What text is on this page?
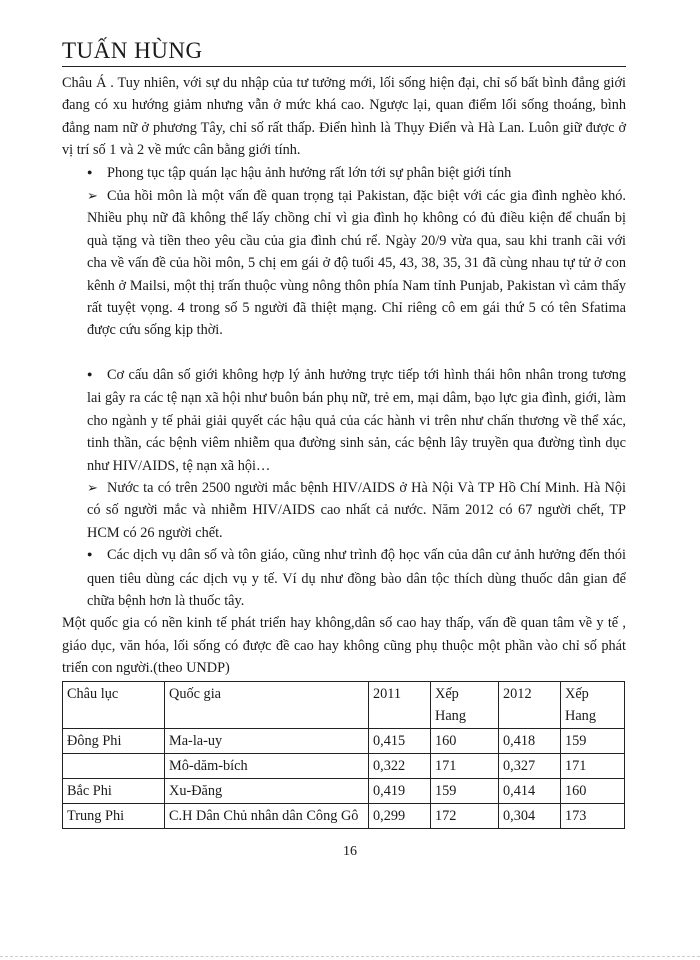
TUẤN HÙNG

Châu Á . Tuy nhiên, với sự du nhập của tư tưởng mới, lối sống hiện đại, chỉ số bất bình đẳng giới đang có xu hướng giảm nhưng vẫn ở mức khá cao. Ngược lại, quan điểm lối sống thoáng, bình đẳng nam nữ ở phương Tây, chỉ số rất thấp. Điển hình là Thụy Điển và Hà Lan. Luôn giữ được ở vị trí số 1 và 2 về mức cân bằng giới tính.

●Phong tục tập quán lạc hậu ảnh hưởng rất lớn tới sự phân biệt giới tính

➢Của hồi môn là một vấn đề quan trọng tại Pakistan, đặc biệt với các gia đình nghèo khó. Nhiều phụ nữ đã không thể lấy chồng chỉ vì gia đình họ không có đủ điều kiện để chuẩn bị quà tặng và tiền theo yêu cầu của gia đình chú rể. Ngày 20/9 vừa qua, sau khi tranh cãi với cha về vấn đề của hồi môn, 5 chị em gái ở độ tuổi 45, 43, 38, 35, 31 đã cùng nhau tự tử ở con kênh ở Mailsi, một thị trấn thuộc vùng nông thôn phía Nam tỉnh Punjab, Pakistan vì cảm thấy rất tuyệt vọng. 4 trong số 5 người đã thiệt mạng. Chỉ riêng cô em gái thứ 5 có tên Sfatima được cứu sống kịp thời.

●Cơ cấu dân số giới không hợp lý ảnh hưởng trực tiếp tới hình thái hôn nhân trong tương lai gây ra các tệ nạn xã hội như buôn bán phụ nữ, trẻ em, mại dâm, bạo lực gia đình, giới, làm cho ngành y tế phải giải quyết các hậu quả của các hành vi trên như chấn thương về thể xác, tinh thần, các bệnh viêm nhiễm qua đường sinh sản, các bệnh lây truyền qua đường tình dục như HIV/AIDS, tệ nạn xã hội…

➢Nước ta có trên 2500 người mắc bệnh HIV/AIDS ở Hà Nội Và TP Hồ Chí Minh. Hà Nội có số người mắc và nhiễm HIV/AIDS cao nhất cả nước. Năm 2012 có 67 người chết, TP HCM có 26 người chết.

●Các dịch vụ dân số và tôn giáo, cũng như trình độ học vấn của dân cư ảnh hưởng đến thói quen tiêu dùng các dịch vụ y tế. Ví dụ như đồng bào dân tộc thích dùng thuốc dân gian để chữa bệnh hơn là thuốc tây.

Một quốc gia có nền kinh tế phát triển hay không,dân số cao hay thấp, vấn đề quan tâm về y tế , giáo dục, văn hóa, lối sống có được đề cao hay không cũng phụ thuộc một phần vào chỉ số phát triển con người.(theo UNDP)

Châu lục	Quốc gia	2011	Xếp Hang	2012	Xếp Hang
Đông Phi	Ma-la-uy	0,415	160	0,418	159
	Mô-dăm-bích	0,322	171	0,327	171
Bắc Phi	Xu-Đăng	0,419	159	0,414	160
Trung Phi	C.H Dân Chủ nhân dân Công Gô	0,299	172	0,304	173
16
